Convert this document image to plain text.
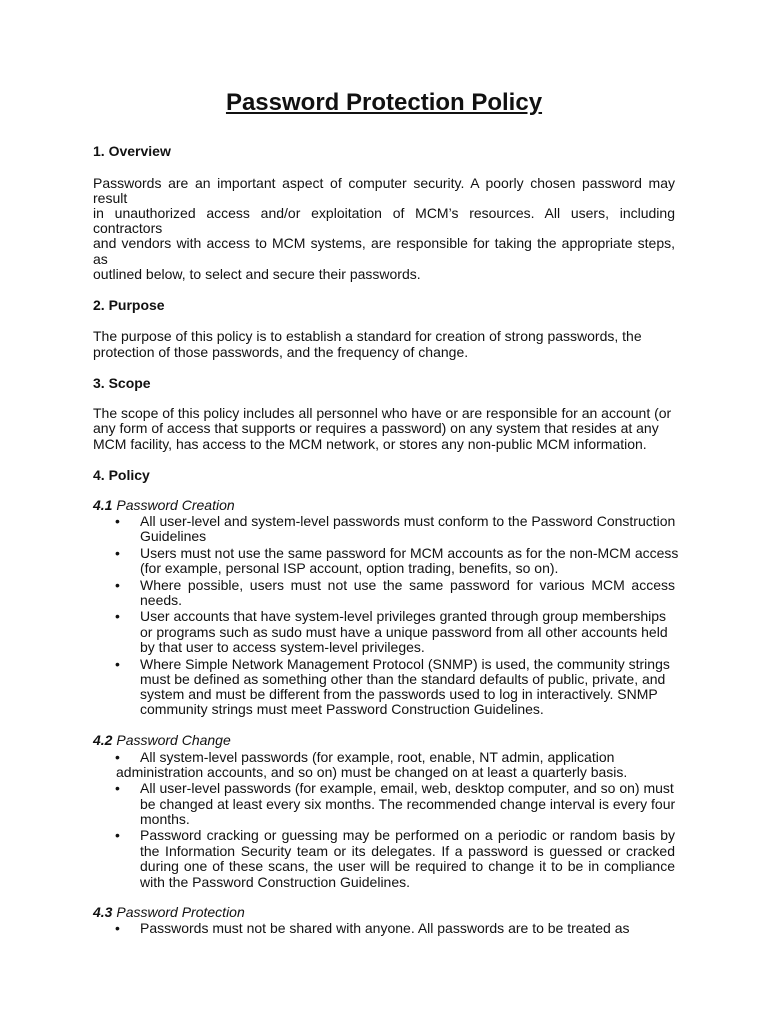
Password Protection Policy

1. Overview

Passwords are an important aspect of computer security. A poorly chosen password may

result

in unauthorized access and/or exploitation of MCM’s resources. All users, including

contractors

and vendors with access to MCM systems, are responsible for taking the appropriate steps,

as

outlined below, to select and secure their passwords.

2. Purpose

The purpose of this policy is to establish a standard for creation of strong passwords, the

protection of those passwords, and the frequency of change.

3. Scope

The scope of this policy includes all personnel who have or are responsible for an account (or

any form of access that supports or requires a password) on any system that resides at any

MCM facility, has access to the MCM network, or stores any non-public MCM information.

4. Policy

4.1 Password Creation

• All user-level and system-level passwords must conform to the Password Construction

Guidelines

• Users must not use the same password for MCM accounts as for the non-MCM access

(for example, personal ISP account, option trading, benefits, so on).

• Where possible, users must not use the same password for various MCM access

needs.

• User accounts that have system-level privileges granted through group memberships

or programs such as sudo must have a unique password from all other accounts held

by that user to access system-level privileges.

• Where Simple Network Management Protocol (SNMP) is used, the community strings

must be defined as something other than the standard defaults of public, private, and

system and must be different from the passwords used to log in interactively. SNMP

community strings must meet Password Construction Guidelines.

4.2 Password Change

• All system-level passwords (for example, root, enable, NT admin, application

administration accounts, and so on) must be changed on at least a quarterly basis.

• All user-level passwords (for example, email, web, desktop computer, and so on) must

be changed at least every six months. The recommended change interval is every four

months.

• Password cracking or guessing may be performed on a periodic or random basis by

the Information Security team or its delegates. If a password is guessed or cracked

during one of these scans, the user will be required to change it to be in compliance

with the Password Construction Guidelines.

4.3 Password Protection

• Passwords must not be shared with anyone. All passwords are to be treated as
